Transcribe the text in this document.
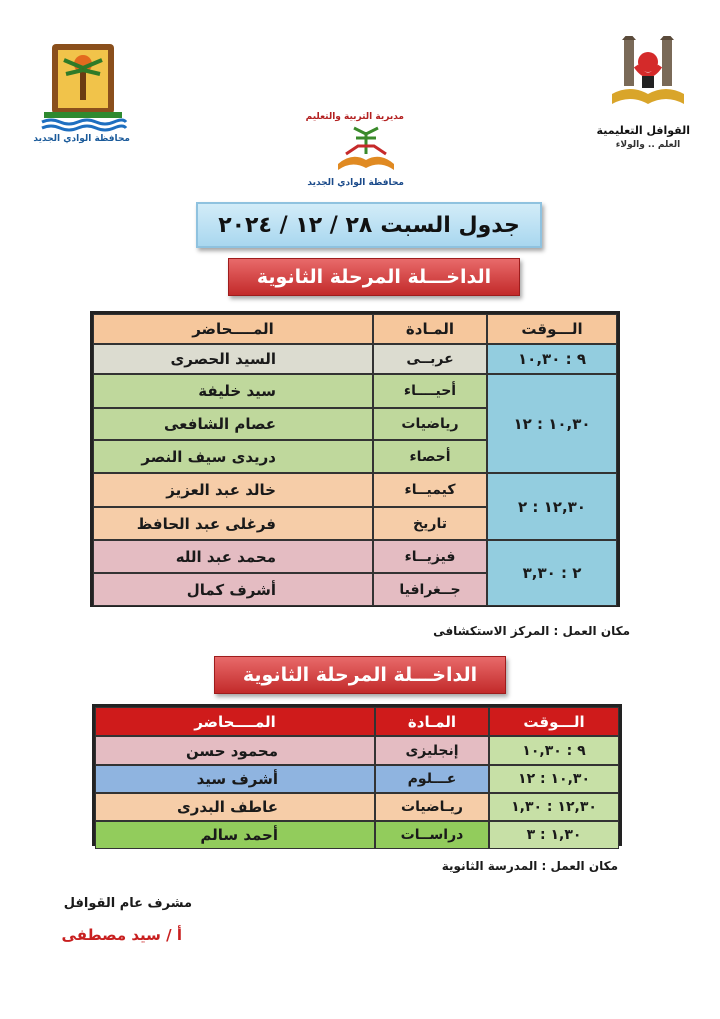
محافظة الوادي الجديد
مديرية التربية والتعليم
محافظة الوادي الجديد
القوافل التعليمية
العلم .. والولاء
جدول السبت
٢٨ / ١٢ / ٢٠٢٤
الداخـــلة المرحلة الثانوية
الـــوقت
المـادة
المــــحاضر
٩ : ١٠,٣٠
عربــى
السيد الحصرى
١٠,٣٠ : ١٢
أحيــــاء
سيد خليفة
رياضيات
عصام الشافعى
أحصاء
دريدى سيف النصر
١٢,٣٠ : ٢
كيميــاء
خالد عبد العزيز
تاريخ
فرغلى عبد الحافظ
٢ : ٣,٣٠
فيزيــاء
محمد عبد الله
جــغرافيا
أشرف كمال
مكان العمل : المركز الاستكشافى
الداخـــلة المرحلة الثانوية
الـــوقت
المـادة
المــــحاضر
٩ : ١٠,٣٠
إنجليزى
محمود حسن
١٠,٣٠ : ١٢
عـــلوم
أشرف سيد
١٢,٣٠ : ١,٣٠
ريـاضيات
عاطف البدرى
١,٣٠ : ٣
دراســات
أحمد سالم
مكان العمل : المدرسة الثانوية
مشرف عام القوافل
أ / سيد مصطفى
